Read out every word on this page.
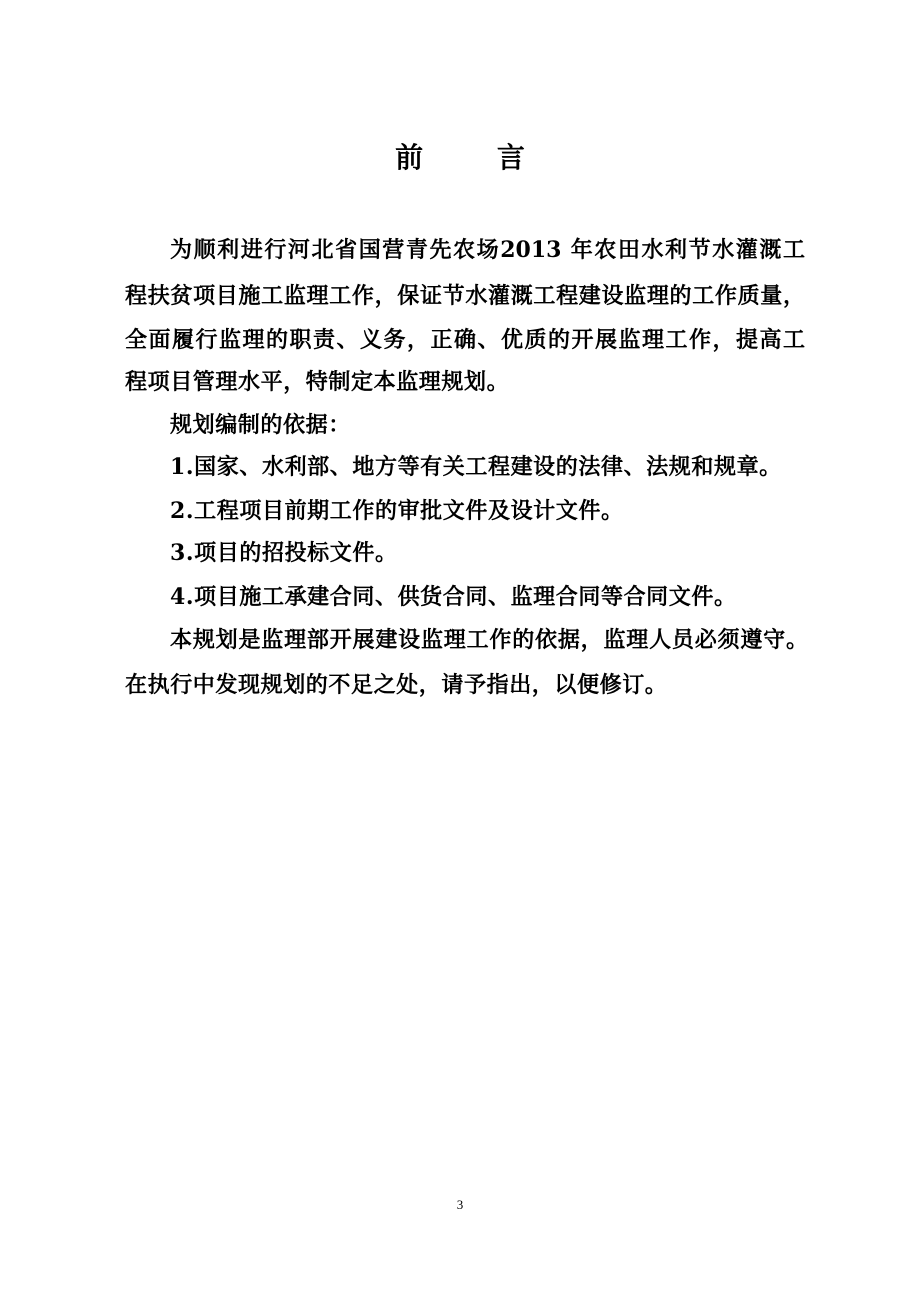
前 言
为顺利进行河北省国营青先农场2013 年农田水利节水灌溉工
程扶贫项目施工监理工作，保证节水灌溉工程建设监理的工作质量，
全面履行监理的职责、义务，正确、优质的开展监理工作，提高工
程项目管理水平，特制定本监理规划。
规划编制的依据：
1.国家、水利部、地方等有关工程建设的法律、法规和规章。
2.工程项目前期工作的审批文件及设计文件。
3.项目的招投标文件。
4.项目施工承建合同、供货合同、监理合同等合同文件。
本规划是监理部开展建设监理工作的依据，监理人员必须遵守。
在执行中发现规划的不足之处，请予指出，以便修订。
3
